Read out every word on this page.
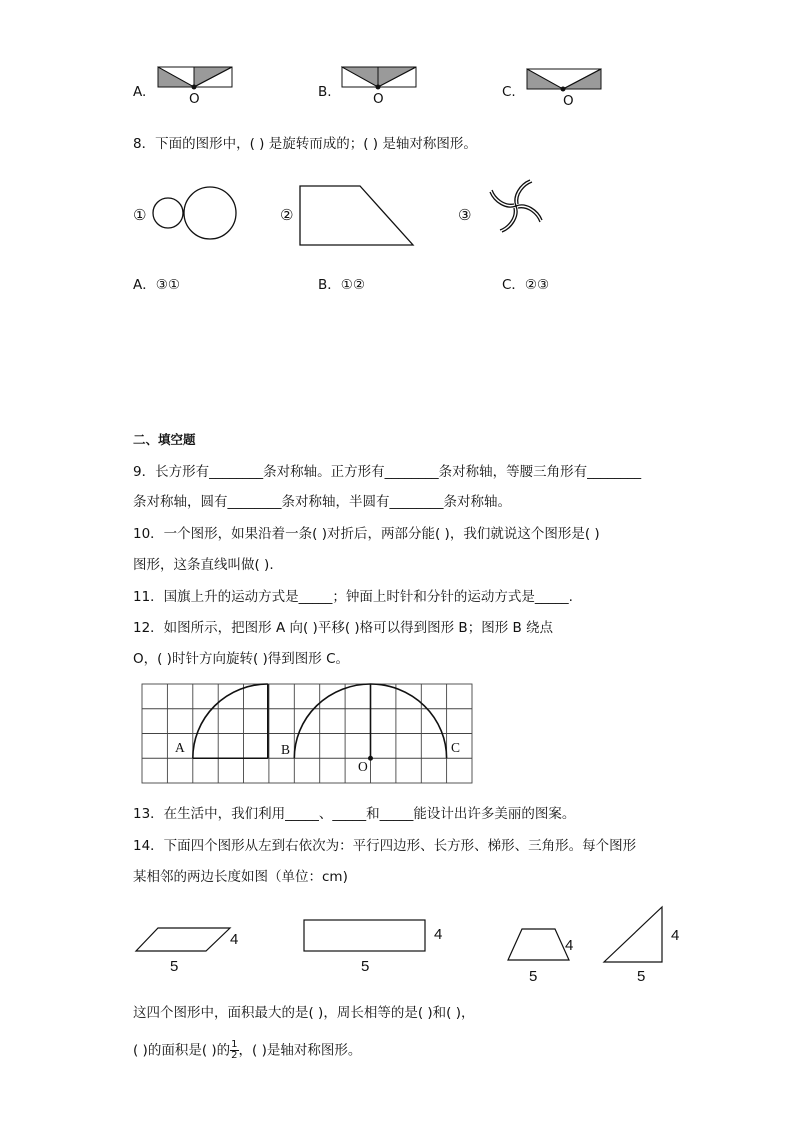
A.	O	B.	O	C.
O
8．下面的图形中，( ) 是旋转而成的；( ) 是轴对称图形。
①	②	③
A．③①	B．①②	C．②③
二、填空题
9．长方形有________条对称轴。正方形有________条对称轴，等腰三角形有________
条对称轴，圆有________条对称轴，半圆有________条对称轴。
10．一个图形，如果沿着一条( )对折后，两部分能( )，我们就说这个图形是( )
图形，这条直线叫做( ).
11．国旗上升的运动方式是_____；钟面上时针和分针的运动方式是_____.
12．如图所示，把图形 A 向( )平移( )格可以得到图形 B；图形 B 绕点
O，( )时针方向旋转( )得到图形 C。
A	B
O
C
13．在生活中，我们利用_____、_____和_____能设计出许多美丽的图案。
14．下面四个图形从左到右依次为：平行四边形、长方形、梯形、三角形。每个图形
某相邻的两边长度如图（单位：cm)
4
5
4
5
4
5
4
5
这四个图形中，面积最大的是( )，周长相等的是( )和( )，
( )的面积是( )的 $\frac{1}{2}$ ，( )是轴对称图形。
